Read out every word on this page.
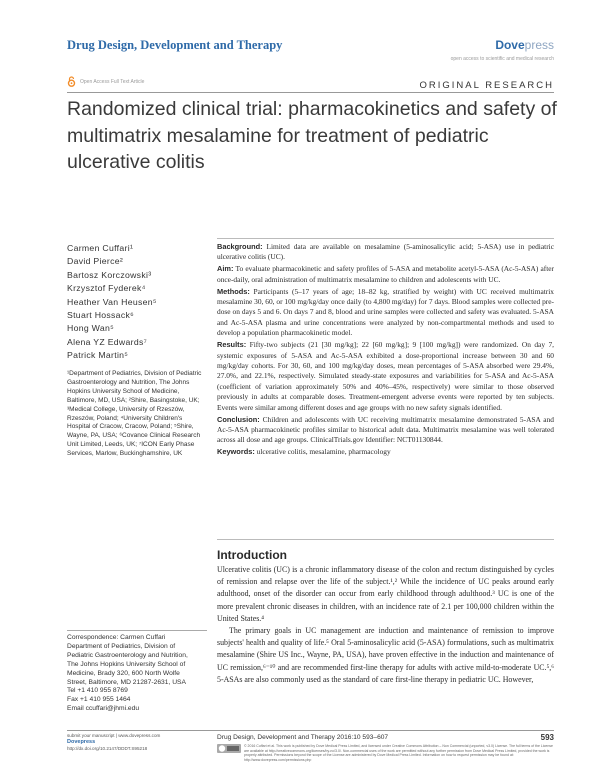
Drug Design, Development and Therapy	Dovepress
open access to scientific and medical research
Open Access Full Text Article	ORIGINAL RESEARCH
Randomized clinical trial: pharmacokinetics and safety of multimatrix mesalamine for treatment of pediatric ulcerative colitis
Carmen Cuffari¹
David Pierce²
Bartosz Korczowski³
Krzysztof Fyderek⁴
Heather Van Heusen⁵
Stuart Hossack⁶
Hong Wan⁵
Alena YZ Edwards⁷
Patrick Martin⁵
¹Department of Pediatrics, Division of Pediatric Gastroenterology and Nutrition, The Johns Hopkins University School of Medicine, Baltimore, MD, USA; ²Shire, Basingstoke, UK; ³Medical College, University of Rzeszów, Rzeszów, Poland; ⁴University Children's Hospital of Cracow, Cracow, Poland; ⁵Shire, Wayne, PA, USA; ⁶Covance Clinical Research Unit Limited, Leeds, UK; ⁷ICON Early Phase Services, Marlow, Buckinghamshire, UK
Correspondence: Carmen Cuffari
Department of Pediatrics, Division of
Pediatric Gastroenterology and Nutrition,
The Johns Hopkins University School of
Medicine, Brady 320, 600 North Wolfe
Street, Baltimore, MD 21287-2631, USA
Tel +1 410 955 8769
Fax +1 410 955 1464
Email ccuffari@jhmi.edu

Background: Limited data are available on mesalamine (5-aminosalicylic acid; 5-ASA) use in pediatric ulcerative colitis (UC).

Aim: To evaluate pharmacokinetic and safety profiles of 5-ASA and metabolite acetyl-5-ASA (Ac-5-ASA) after once-daily, oral administration of multimatrix mesalamine to children and adolescents with UC.

Methods: Participants (5–17 years of age; 18–82 kg, stratified by weight) with UC received multimatrix mesalamine 30, 60, or 100 mg/kg/day once daily (to 4,800 mg/day) for 7 days. Blood samples were collected pre-dose on days 5 and 6. On days 7 and 8, blood and urine samples were collected and safety was evaluated. 5-ASA and Ac-5-ASA plasma and urine concentrations were analyzed by non-compartmental methods and used to develop a population pharmacokinetic model.

Results: Fifty-two subjects (21 [30 mg/kg]; 22 [60 mg/kg]; 9 [100 mg/kg]) were randomized. On day 7, systemic exposures of 5-ASA and Ac-5-ASA exhibited a dose-proportional increase between 30 and 60 mg/kg/day cohorts. For 30, 60, and 100 mg/kg/day doses, mean percentages of 5-ASA absorbed were 29.4%, 27.0%, and 22.1%, respectively. Simulated steady-state exposures and variabilities for 5-ASA and Ac-5-ASA (coefficient of variation approximately 50% and 40%–45%, respectively) were similar to those observed previously in adults at comparable doses. Treatment-emergent adverse events were reported by ten subjects. Events were similar among different doses and age groups with no new safety signals identified.

Conclusion: Children and adolescents with UC receiving multimatrix mesalamine demonstrated 5-ASA and Ac-5-ASA pharmacokinetic profiles similar to historical adult data. Multimatrix mesalamine was well tolerated across all dose and age groups. ClinicalTrials.gov Identifier: NCT01130844.

Keywords: ulcerative colitis, mesalamine, pharmacology

Introduction

Ulcerative colitis (UC) is a chronic inflammatory disease of the colon and rectum distinguished by cycles of remission and relapse over the life of the subject.¹,² While the incidence of UC peaks around early adulthood, onset of the disorder can occur from early childhood through adulthood.³ UC is one of the more prevalent chronic diseases in children, with an incidence rate of 2.1 per 100,000 children within the United States.⁴

The primary goals in UC management are induction and maintenance of remission to improve subjects' health and quality of life.⁵ Oral 5-aminosalicylic acid (5-ASA) formulations, such as multimatrix mesalamine (Shire US Inc., Wayne, PA, USA), have proven effective in the induction and maintenance of UC remission,⁶⁻¹⁰ and are recommended first-line therapy for adults with active mild-to-moderate UC.⁵,⁶ 5-ASAs are also commonly used as the standard of care first-line therapy in pediatric UC. However,

submit your manuscript | www.dovepress.com
Dovepress
http://dx.doi.org/10.2147/DDDT.S95218
Drug Design, Development and Therapy 2016:10 593–607	593
© 2016 Cuffari et al. This work is published by Dove Medical Press Limited, and licensed under Creative Commons Attribution – Non Commercial (unported, v3.0) License. The full terms of the License are available at http://creativecommons.org/licenses/by-nc/3.0/. Non-commercial uses of the work are permitted without any further permission from Dove Medical Press Limited, provided the work is properly attributed. Permissions beyond the scope of the License are administered by Dove Medical Press Limited. Information on how to request permission may be found at: http://www.dovepress.com/permissions.php
